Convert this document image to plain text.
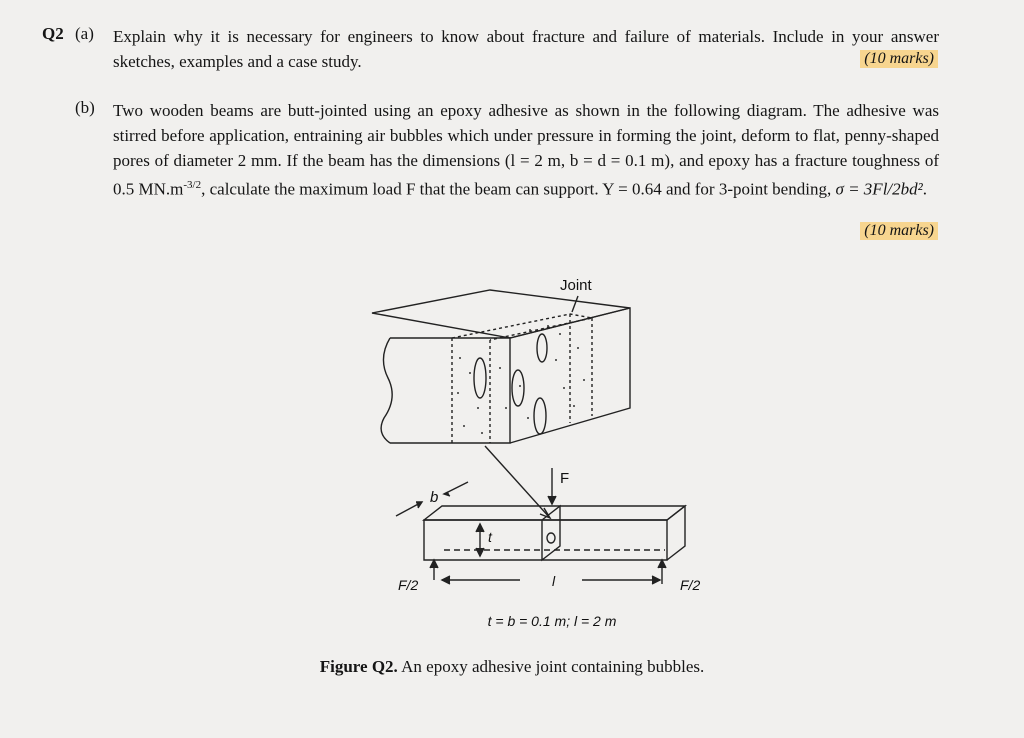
Q2 (a) Explain why it is necessary for engineers to know about fracture and failure of materials. Include in your answer sketches, examples and a case study.	(10 marks)
(b) Two wooden beams are butt-jointed using an epoxy adhesive as shown in the following diagram. The adhesive was stirred before application, entraining air bubbles which under pressure in forming the joint, deform to flat, penny-shaped pores of diameter 2 mm. If the beam has the dimensions (l = 2 m, b = d = 0.1 m), and epoxy has a fracture toughness of 0.5 $MN.m^{-3/2}$, calculate the maximum load F that the beam can support. Y = 0.64 and for 3-point bending, σ = 3Fl/2bd².
(10 marks)
Joint
F
b
t
F/2	F/2
l
t = b = 0.1 m; l = 2 m
Figure Q2. An epoxy adhesive joint containing bubbles.
